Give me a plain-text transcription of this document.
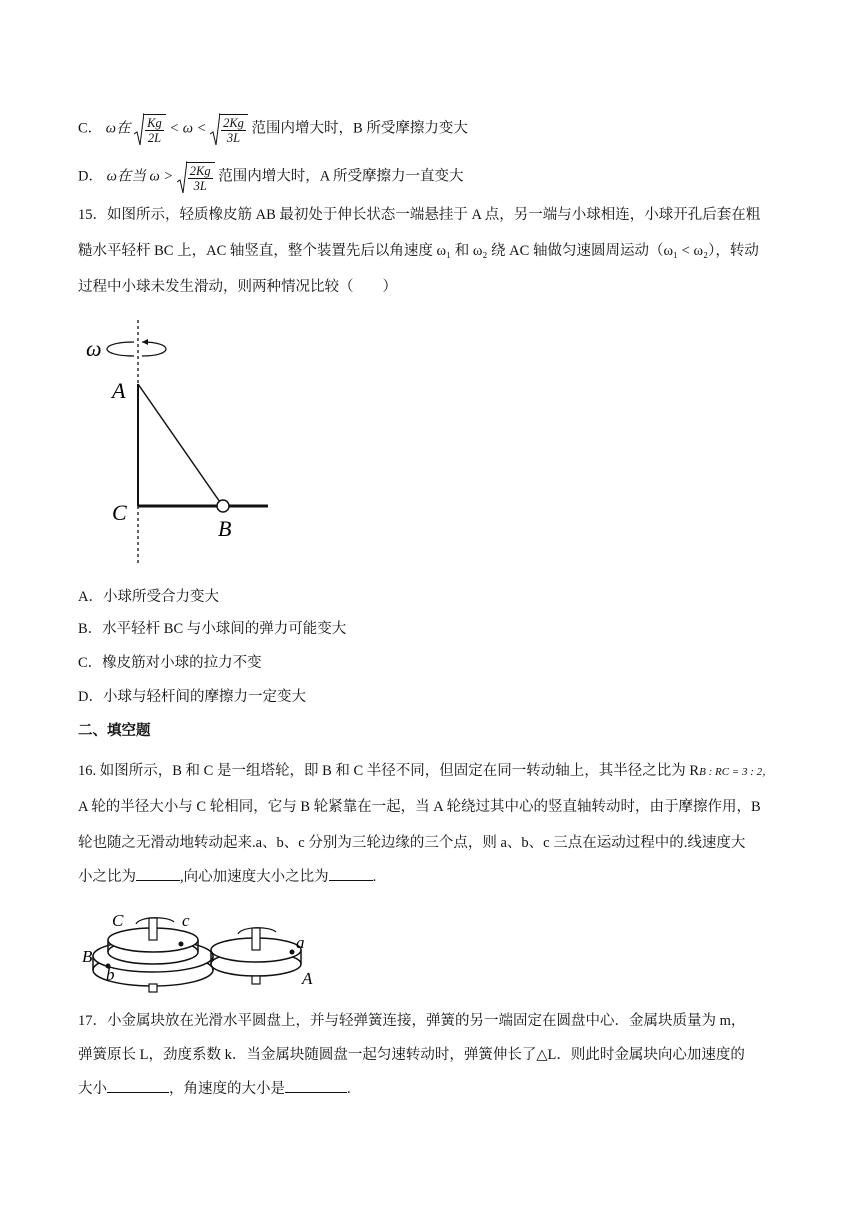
C． ω在 $\frac{Kg}{2L} < \omega < \frac{2Kg}{3L}$ 范围内增大时，B 所受摩擦力变大
D． ω在当 $\omega > \frac{2Kg}{3L}$ 范围内增大时，A 所受摩擦力一直变大
15．如图所示，轻质橡皮筋 AB 最初处于伸长状态一端悬挂于 A 点，另一端与小球相连，小球开孔后套在粗
糙水平轻杆 BC 上，AC 轴竖直，整个装置先后以角速度 ω₁ 和 ω₂ 绕 AC 轴做匀速圆周运动（ω₁ < ω₂），转动
过程中小球未发生滑动，则两种情况比较（　　）
ω
A
C
B
A．小球所受合力变大
B．水平轻杆 BC 与小球间的弹力可能变大
C．橡皮筋对小球的拉力不变
D．小球与轻杆间的摩擦力一定变大
二、填空题
16. 如图所示，B 和 C 是一组塔轮，即 B 和 C 半径不同，但固定在同一转动轴上，其半径之比为 RB : RC = 3 : 2，
A 轮的半径大小与 C 轮相同，它与 B 轮紧靠在一起，当 A 轮绕过其中心的竖直轴转动时，由于摩擦作用，B
轮也随之无滑动地转动起来.a、b、c 分别为三轮边缘的三个点，则 a、b、c 三点在运动过程中的.线速度大
小之比为	,向心加速度大小之比为	.
C	c
B
b
a
A
17．小金属块放在光滑水平圆盘上，并与轻弹簧连接，弹簧的另一端固定在圆盘中心．金属块质量为 m，
弹簧原长 L，劲度系数 k．当金属块随圆盘一起匀速转动时，弹簧伸长了△L．则此时金属块向心加速度的
大小	，角速度的大小是	.
